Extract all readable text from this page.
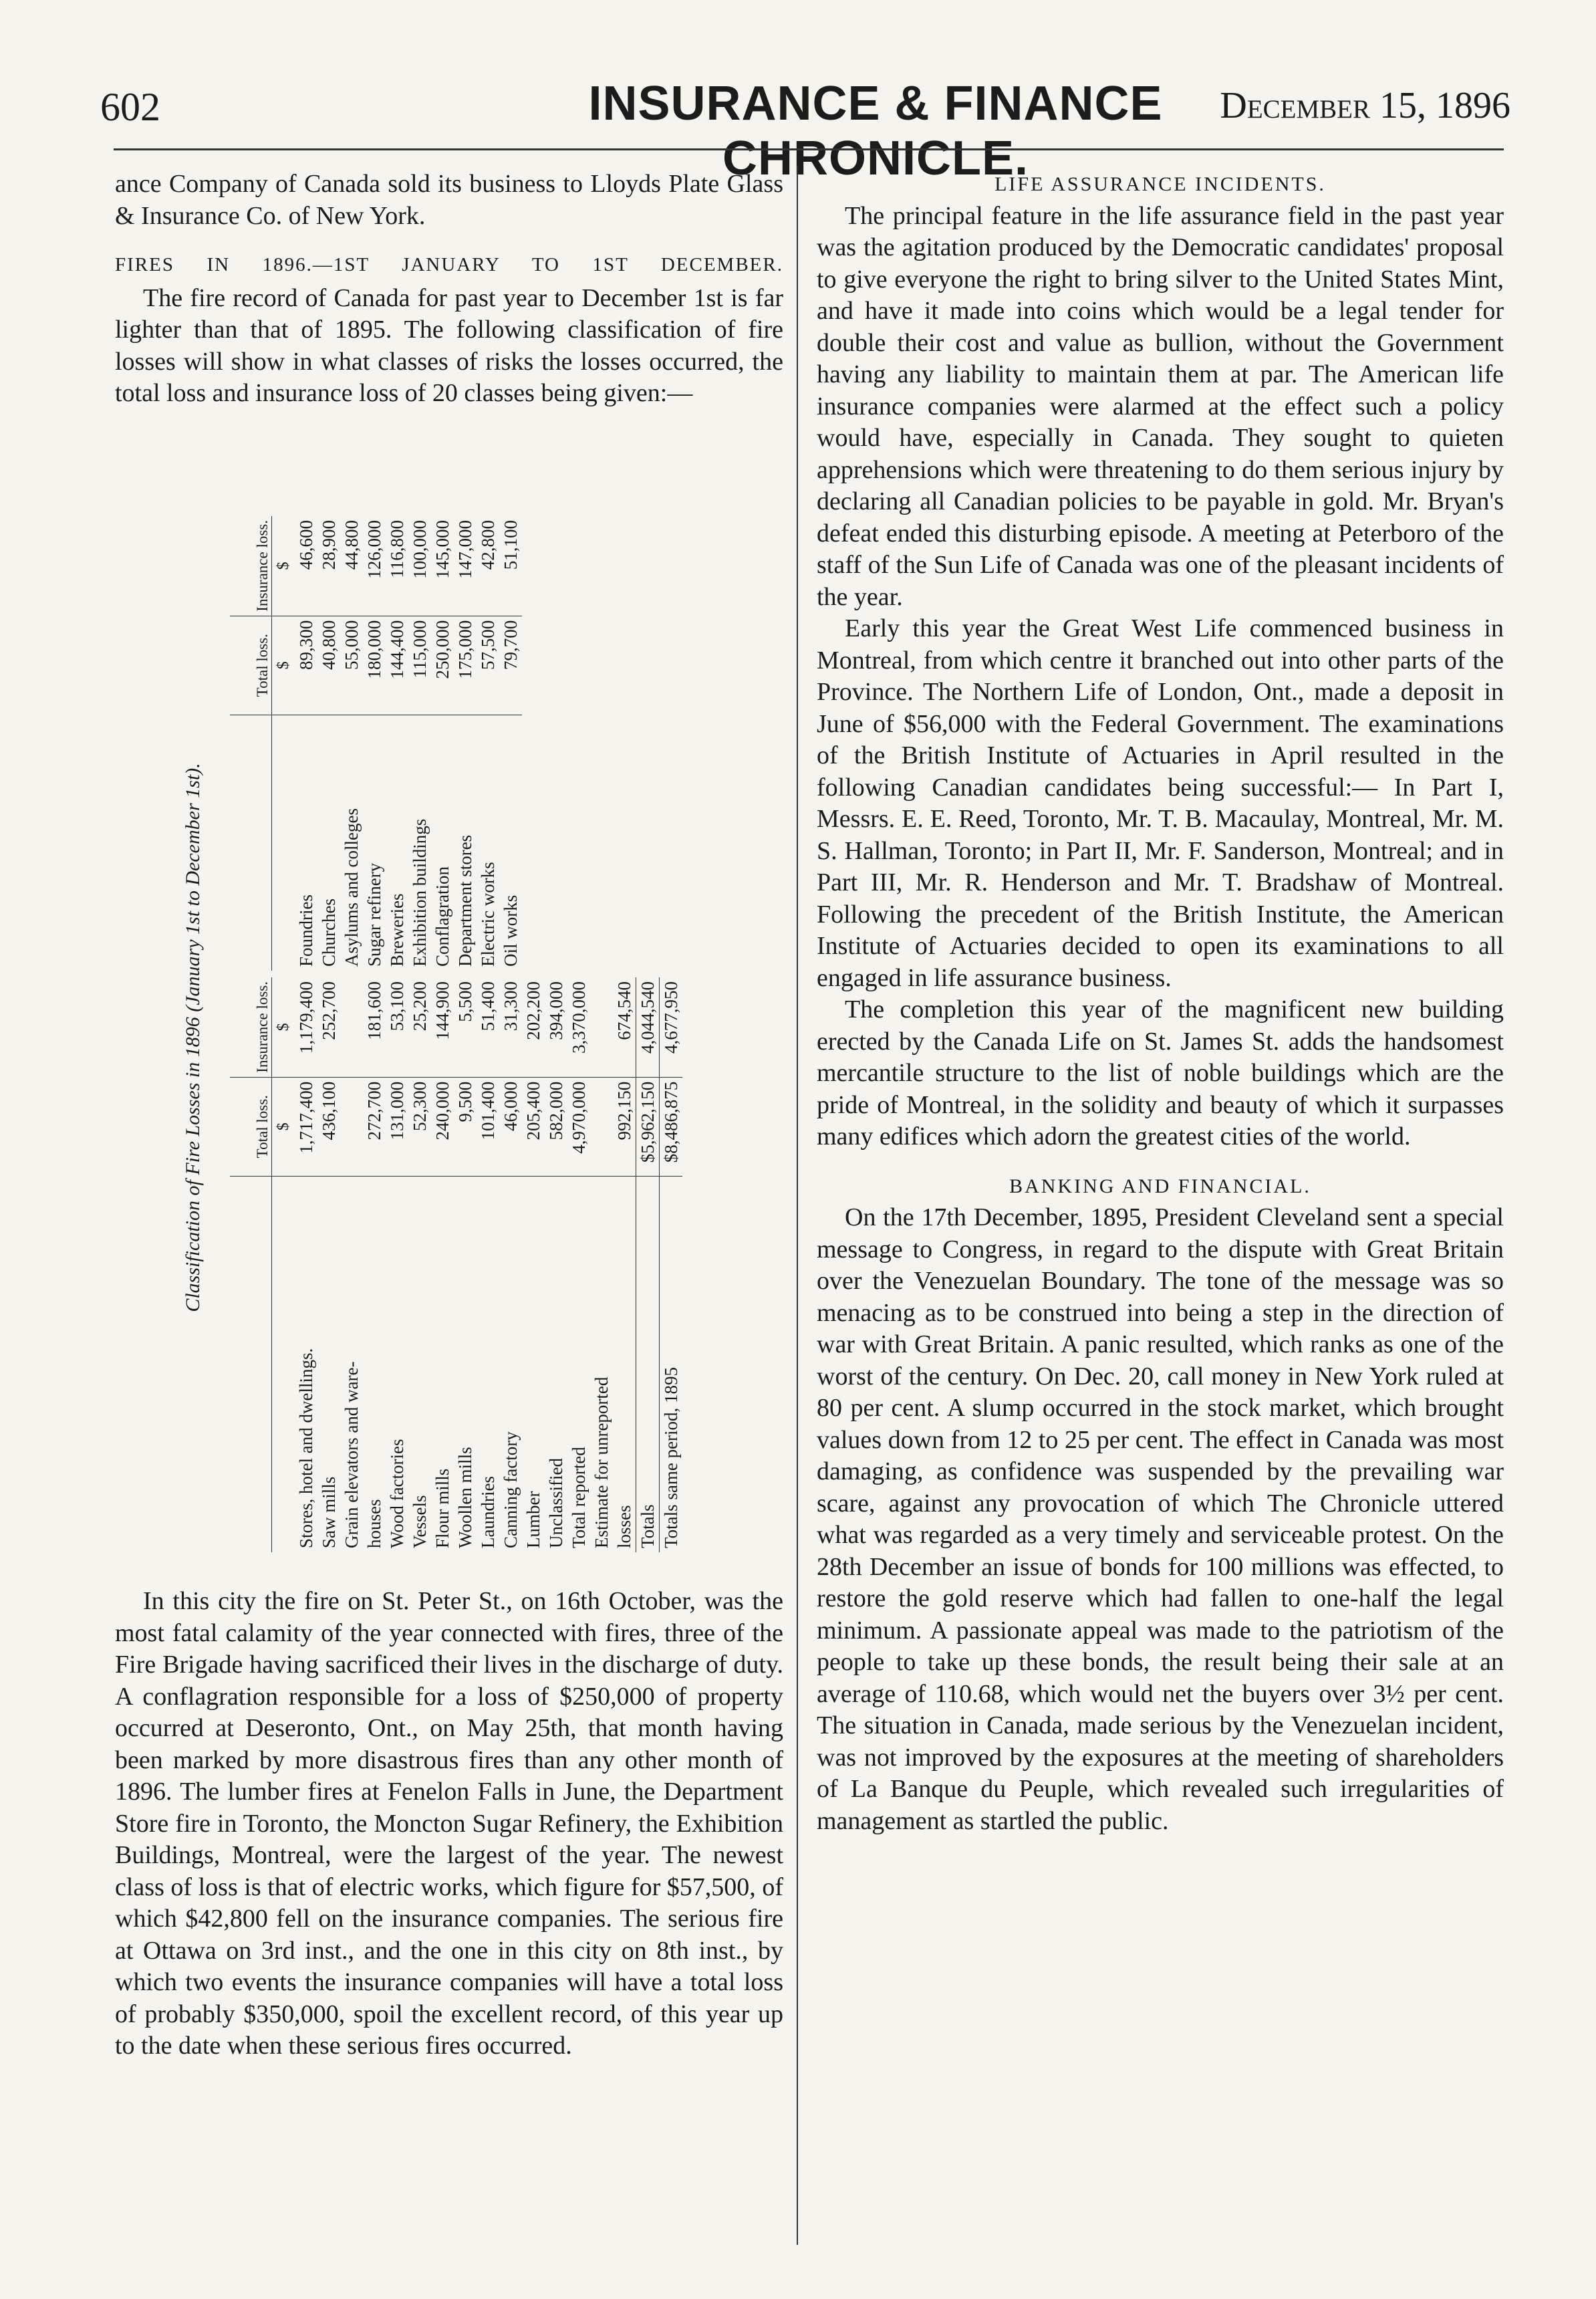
602	INSURANCE & FINANCE CHRONICLE.
December 15, 1896

ance Company of Canada sold its business to Lloyds Plate Glass & Insurance Co. of New York.

FIRES IN 1896.—1ST JANUARY TO 1ST DECEMBER.

The fire record of Canada for past year to December 1st is far lighter than that of 1895. The following classification of fire losses will show in what classes of risks the losses occurred, the total loss and insurance loss of 20 classes being given:—

Classification of Fire Losses in 1896 (January 1st to December 1st).
		Total loss.	Insurance loss.
	$	$
Stores, hotel and dwellings.	1,717,400	1,179,400
Saw mills	436,100	252,700
Grain elevators and ware-		
houses	272,700	181,600
Wood factories	131,000	53,100
Vessels	52,300	25,200
Flour mills	240,000	144,900
Woollen mills	9,500	5,500
Laundries	101,400	51,400
Canning factory	46,000	31,300
Lumber	205,400	202,200
Unclassified	582,000	394,000
Total reported	4,970,000	3,370,000
Estimate for unreported		
losses	992,150	674,540
Totals	$5,962,150	4,044,540
Totals same period, 1895	$8,486,875	4,677,950
	Total loss.	Insurance loss.
	$	$
Foundries	89,300	46,600
Churches	40,800	28,900
Asylums and colleges	55,000	44,800
Sugar refinery	180,000	126,000
Breweries	144,400	116,800
Exhibition buildings	115,000	100,000
Conflagration	250,000	145,000
Department stores	175,000	147,000
Electric works	57,500	42,800
Oil works	79,700	51,100

In this city the fire on St. Peter St., on 16th October, was the most fatal calamity of the year connected with fires, three of the Fire Brigade having sacrificed their lives in the discharge of duty. A conflagration responsible for a loss of $250,000 of property occurred at Deseronto, Ont., on May 25th, that month having been marked by more disastrous fires than any other month of 1896. The lumber fires at Fenelon Falls in June, the Department Store fire in Toronto, the Moncton Sugar Refinery, the Exhibition Buildings, Montreal, were the largest of the year. The newest class of loss is that of electric works, which figure for $57,500, of which $42,800 fell on the insurance companies. The serious fire at Ottawa on 3rd inst., and the one in this city on 8th inst., by which two events the insurance companies will have a total loss of probably $350,000, spoil the excellent record, of this year up to the date when these serious fires occurred.

LIFE ASSURANCE INCIDENTS.

The principal feature in the life assurance field in the past year was the agitation produced by the Democratic candidates' proposal to give everyone the right to bring silver to the United States Mint, and have it made into coins which would be a legal tender for double their cost and value as bullion, without the Government having any liability to maintain them at par. The American life insurance companies were alarmed at the effect such a policy would have, especially in Canada. They sought to quieten apprehensions which were threatening to do them serious injury by declaring all Canadian policies to be payable in gold. Mr. Bryan's defeat ended this disturbing episode. A meeting at Peterboro of the staff of the Sun Life of Canada was one of the pleasant incidents of the year.

Early this year the Great West Life commenced business in Montreal, from which centre it branched out into other parts of the Province. The Northern Life of London, Ont., made a deposit in June of $56,000 with the Federal Government. The examinations of the British Institute of Actuaries in April resulted in the following Canadian candidates being successful:— In Part I, Messrs. E. E. Reed, Toronto, Mr. T. B. Macaulay, Montreal, Mr. M. S. Hallman, Toronto; in Part II, Mr. F. Sanderson, Montreal; and in Part III, Mr. R. Henderson and Mr. T. Bradshaw of Montreal. Following the precedent of the British Institute, the American Institute of Actuaries decided to open its examinations to all engaged in life assurance business.

The completion this year of the magnificent new building erected by the Canada Life on St. James St. adds the handsomest mercantile structure to the list of noble buildings which are the pride of Montreal, in the solidity and beauty of which it surpasses many edifices which adorn the greatest cities of the world.

BANKING AND FINANCIAL.

On the 17th December, 1895, President Cleveland sent a special message to Congress, in regard to the dispute with Great Britain over the Venezuelan Boundary. The tone of the message was so menacing as to be construed into being a step in the direction of war with Great Britain. A panic resulted, which ranks as one of the worst of the century. On Dec. 20, call money in New York ruled at 80 per cent. A slump occurred in the stock market, which brought values down from 12 to 25 per cent. The effect in Canada was most damaging, as confidence was suspended by the prevailing war scare, against any provocation of which The Chronicle uttered what was regarded as a very timely and serviceable protest. On the 28th December an issue of bonds for 100 millions was effected, to restore the gold reserve which had fallen to one-half the legal minimum. A passionate appeal was made to the patriotism of the people to take up these bonds, the result being their sale at an average of 110.68, which would net the buyers over 3½ per cent. The situation in Canada, made serious by the Venezuelan incident, was not improved by the exposures at the meeting of shareholders of La Banque du Peuple, which revealed such irregularities of management as startled the public.
